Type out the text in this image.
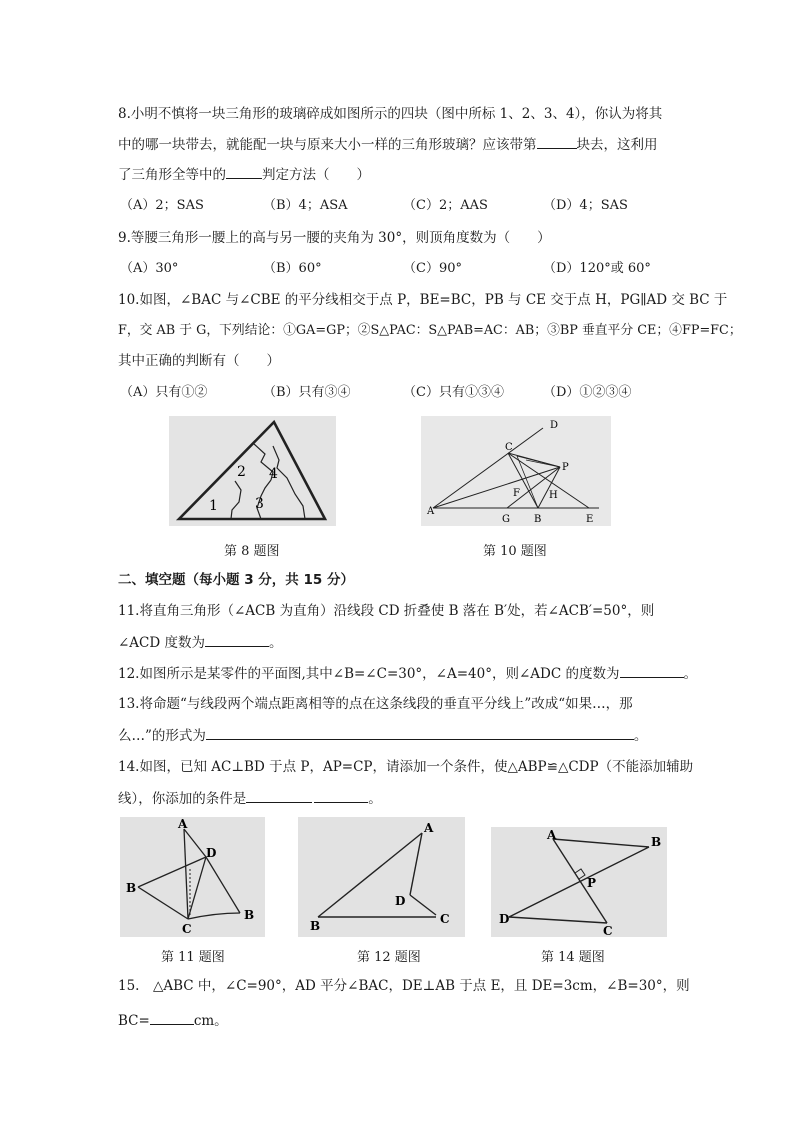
8.小明不慎将一块三角形的玻璃碎成如图所示的四块（图中所标 1、2、3、4），你认为将其
中的哪一块带去，就能配一块与原来大小一样的三角形玻璃？应该带第	块去，这利用
了三角形全等中的	判定方法（　　）
（A）2；SAS	（B）4；ASA	（C）2；AAS	（D）4；SAS
9.等腰三角形一腰上的高与另一腰的夹角为 30°，则顶角度数为（　　）
（A）30°	（B）60°	（C）90°	（D）120°或 60°
10.如图，∠BAC 与∠CBE 的平分线相交于点 P，BE=BC，PB 与 CE 交于点 H，PG∥AD 交 BC 于
F，交 AB 于 G，下列结论：①GA=GP；②S△PAC：S△PAB=AC：AB；③BP 垂直平分 CE；④FP=FC；
其中正确的判断有（　　）
（A）只有①②	（B）只有③④	（C）只有①③④	（D）①②③④
2 4
1	3
第 8 题图
D
C
P
F	H
A
G B	E
第 10 题图
二、填空题（每小题 3 分，共 15 分）
11.将直角三角形（∠ACB 为直角）沿线段 CD 折叠使 B 落在 B′处，若∠ACB′=50°，则
∠ACD 度数为	。
12.如图所示是某零件的平面图,其中∠B=∠C=30°，∠A=40°，则∠ADC 的度数为	。
13.将命题“与线段两个端点距离相等的点在这条线段的垂直平分线上”改成“如果…，那
么…”的形式为	。
14.如图，已知 AC⊥BD 于点 P，AP=CP，请添加一个条件，使△ABP≌△CDP（不能添加辅助
线），你添加的条件是	。
A
D
B
C
B
第 11 题图
A
D
B	C
第 12 题图
A	B
P
D
C
第 14 题图
15.　△ABC 中，∠C=90°，AD 平分∠BAC，DE⊥AB 于点 E，且 DE=3cm，∠B=30°，则
BC=	cm。
